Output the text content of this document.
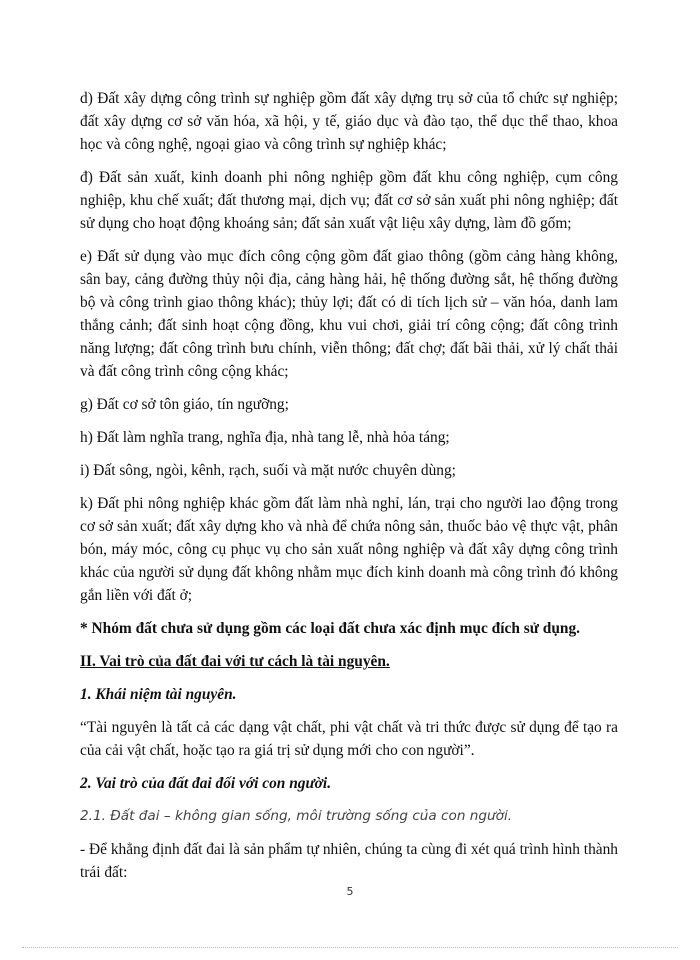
d) Đất xây dựng công trình sự nghiệp gồm đất xây dựng trụ sở của tổ chức sự nghiệp; đất xây dựng cơ sở văn hóa, xã hội, y tế, giáo dục và đào tạo, thể dục thể thao, khoa học và công nghệ, ngoại giao và công trình sự nghiệp khác;

đ) Đất sản xuất, kinh doanh phi nông nghiệp gồm đất khu công nghiệp, cụm công nghiệp, khu chế xuất; đất thương mại, dịch vụ; đất cơ sở sản xuất phi nông nghiệp; đất sử dụng cho hoạt động khoáng sản; đất sản xuất vật liệu xây dựng, làm đồ gốm;

e) Đất sử dụng vào mục đích công cộng gồm đất giao thông (gồm cảng hàng không, sân bay, cảng đường thủy nội địa, cảng hàng hải, hệ thống đường sắt, hệ thống đường bộ và công trình giao thông khác); thủy lợi; đất có di tích lịch sử – văn hóa, danh lam thắng cảnh; đất sinh hoạt cộng đồng, khu vui chơi, giải trí công cộng; đất công trình năng lượng; đất công trình bưu chính, viễn thông; đất chợ; đất bãi thải, xử lý chất thải và đất công trình công cộng khác;

g) Đất cơ sở tôn giáo, tín ngưỡng;

h) Đất làm nghĩa trang, nghĩa địa, nhà tang lễ, nhà hỏa táng;

i) Đất sông, ngòi, kênh, rạch, suối và mặt nước chuyên dùng;

k) Đất phi nông nghiệp khác gồm đất làm nhà nghỉ, lán, trại cho người lao động trong cơ sở sản xuất; đất xây dựng kho và nhà để chứa nông sản, thuốc bảo vệ thực vật, phân bón, máy móc, công cụ phục vụ cho sản xuất nông nghiệp và đất xây dựng công trình khác của người sử dụng đất không nhằm mục đích kinh doanh mà công trình đó không gắn liền với đất ở;

* Nhóm đất chưa sử dụng gồm các loại đất chưa xác định mục đích sử dụng.

II. Vai trò của đất đai với tư cách là tài nguyên.

1. Khái niệm tài nguyên.

“Tài nguyên là tất cả các dạng vật chất, phi vật chất và tri thức được sử dụng để tạo ra của cải vật chất, hoặc tạo ra giá trị sử dụng mới cho con người”.

2. Vai trò của đất đai đối với con người.

2.1. Đất đai – không gian sống, môi trường sống của con người.

- Để khẳng định đất đai là sản phẩm tự nhiên, chúng ta cùng đi xét quá trình hình thành trái đất:

5
